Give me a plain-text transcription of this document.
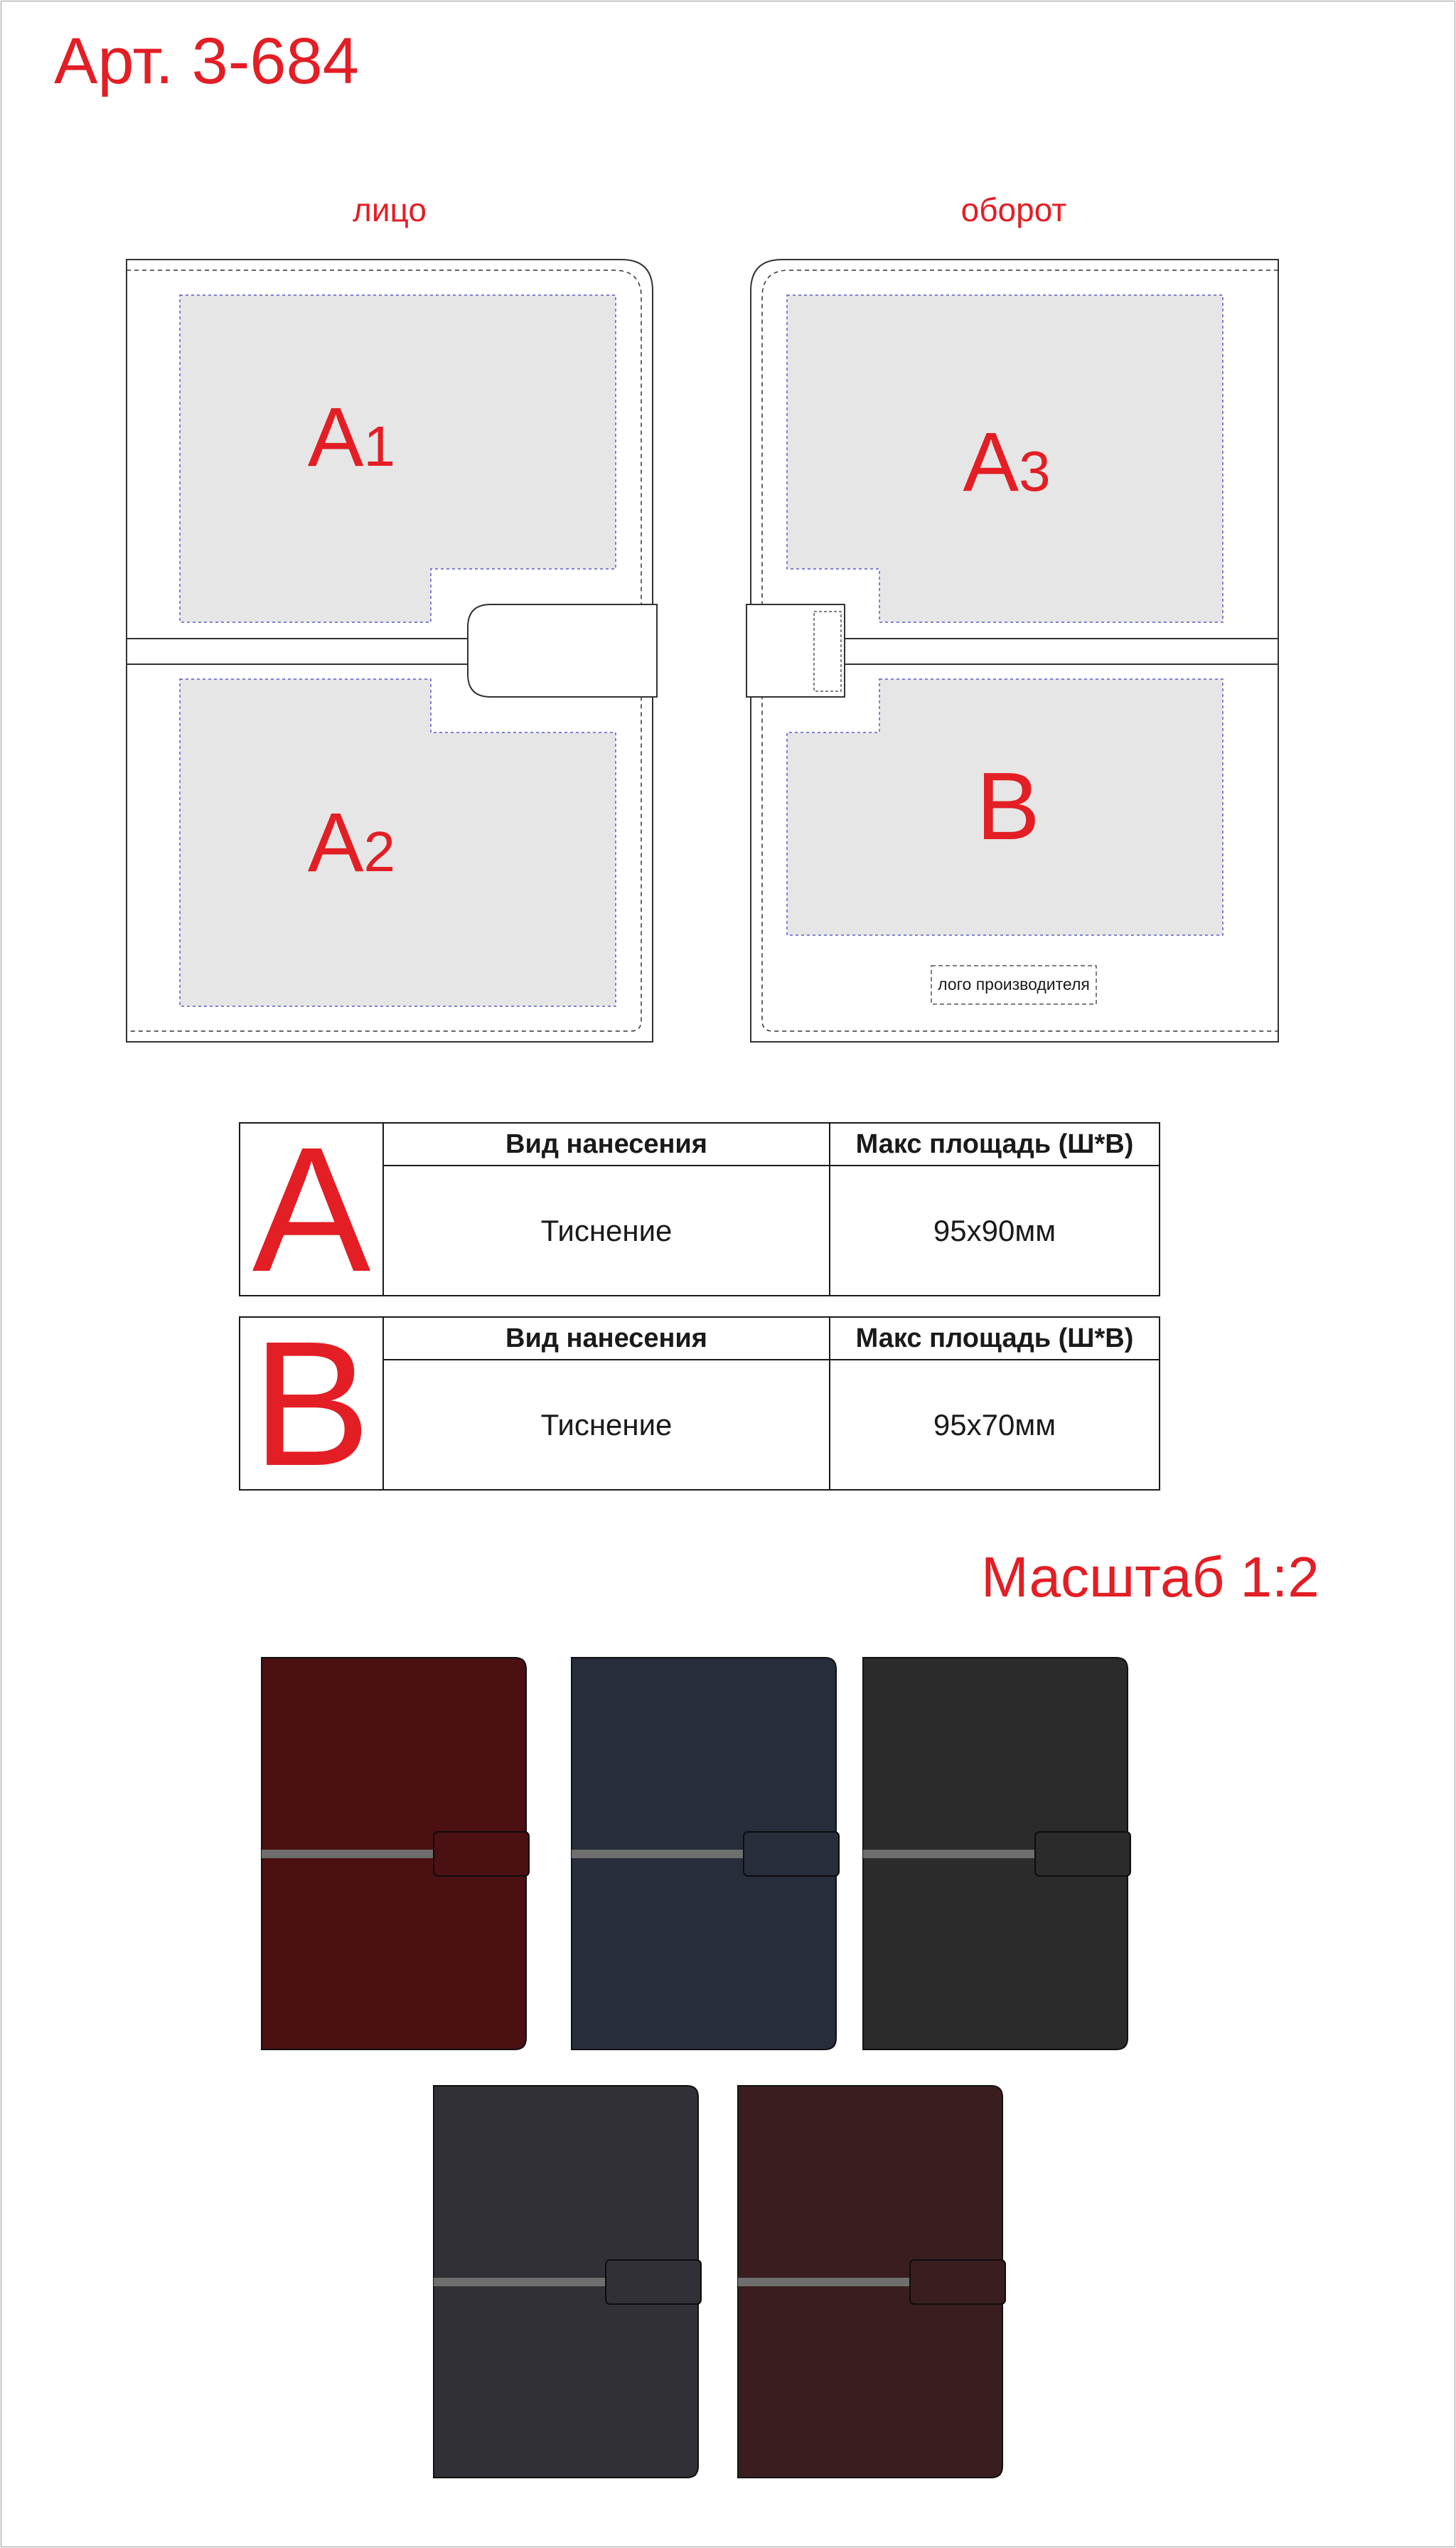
Арт. 3-684
лицо	оборот
A1
A2
A3
B
лого производителя
A	Вид нанесения	Макс площадь (Ш*В)
Тиснение	95x90мм
B	Вид нанесения	Макс площадь (Ш*В)
Тиснение	95x70мм
Масштаб 1:2
